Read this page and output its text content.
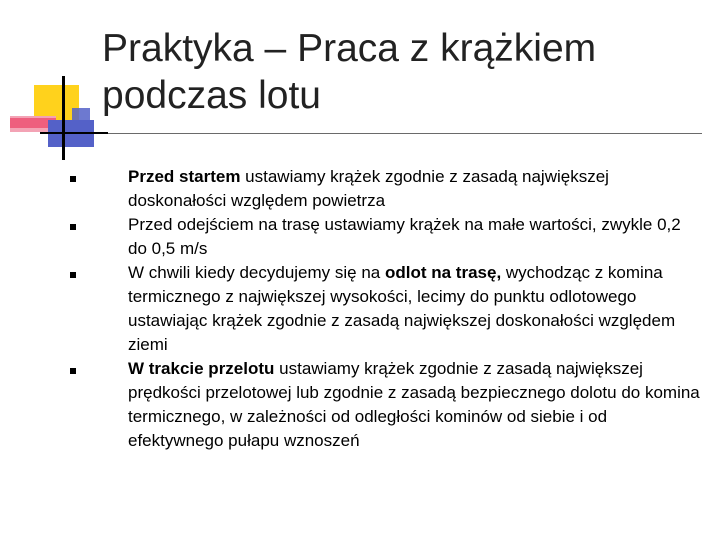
Praktyka – Praca z krążkiem podczas lotu
Przed startem ustawiamy krążek zgodnie z zasadą największej doskonałości względem powietrza
Przed odejściem na trasę ustawiamy krążek na małe wartości, zwykle 0,2 do 0,5 m/s
W chwili kiedy decydujemy się na odlot na trasę, wychodząc z komina termicznego z największej wysokości, lecimy do punktu odlotowego ustawiając krążek zgodnie z zasadą największej doskonałości względem ziemi
W trakcie przelotu ustawiamy krążek zgodnie z zasadą największej prędkości przelotowej lub zgodnie z zasadą bezpiecznego dolotu do komina termicznego, w zależności od odległości kominów od siebie i od efektywnego pułapu wznoszeń
